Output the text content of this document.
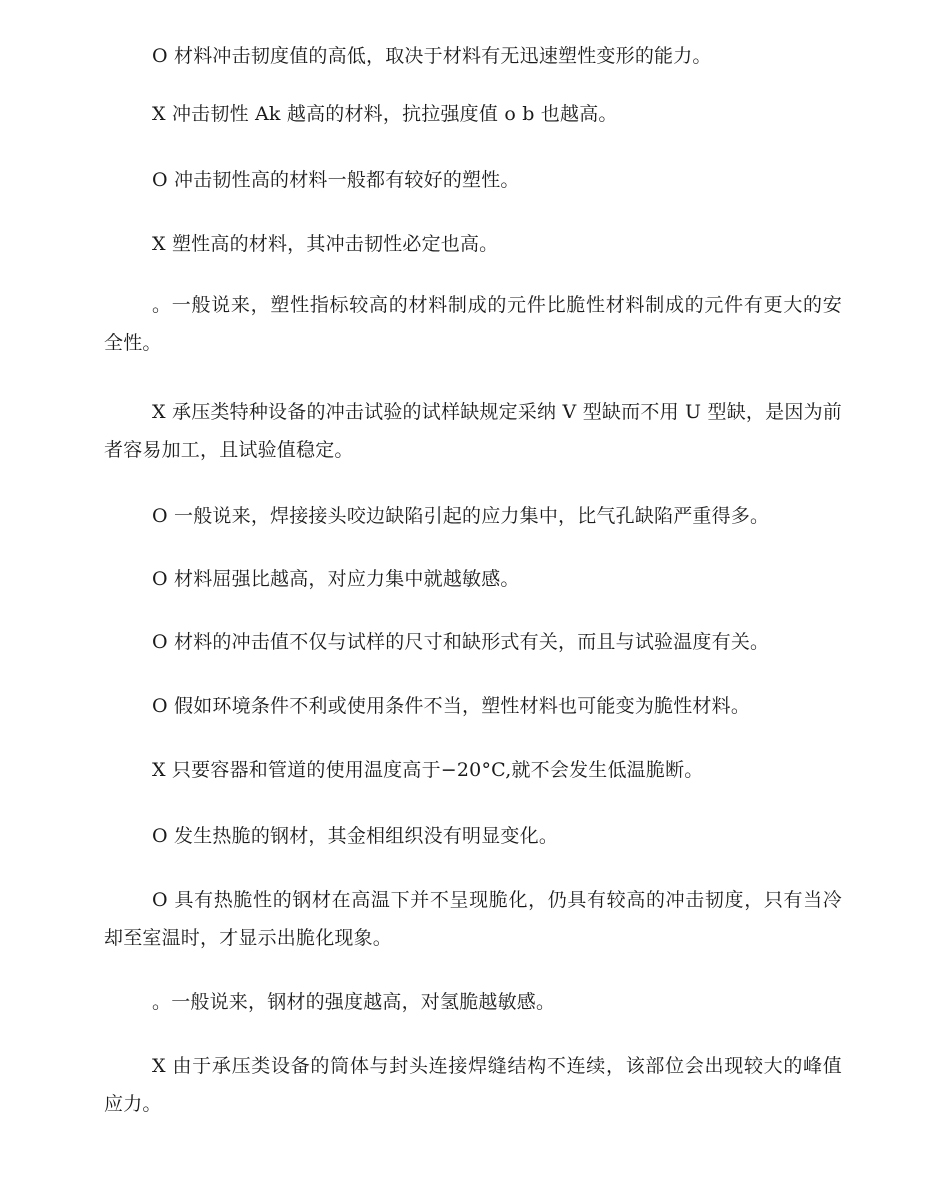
O 材料冲击韧度值的高低，取决于材料有无迅速塑性变形的能力。

X 冲击韧性 Ak 越高的材料，抗拉强度值 o b 也越高。

O 冲击韧性高的材料一般都有较好的塑性。

X 塑性高的材料，其冲击韧性必定也高。

。一般说来，塑性指标较高的材料制成的元件比脆性材料制成的元件有更大的安全性。

X 承压类特种设备的冲击试验的试样缺规定采纳 V 型缺而不用 U 型缺，是因为前者容易加工，且试验值稳定。

O 一般说来，焊接接头咬边缺陷引起的应力集中，比气孔缺陷严重得多。

O 材料屈强比越高，对应力集中就越敏感。

O 材料的冲击值不仅与试样的尺寸和缺形式有关，而且与试验温度有关。

O 假如环境条件不利或使用条件不当，塑性材料也可能变为脆性材料。

X 只要容器和管道的使用温度高于−20°C,就不会发生低温脆断。

O 发生热脆的钢材，其金相组织没有明显变化。

O 具有热脆性的钢材在高温下并不呈现脆化，仍具有较高的冲击韧度，只有当冷却至室温时，才显示出脆化现象。

。一般说来，钢材的强度越高，对氢脆越敏感。

X 由于承压类设备的筒体与封头连接焊缝结构不连续，该部位会出现较大的峰值应力。
